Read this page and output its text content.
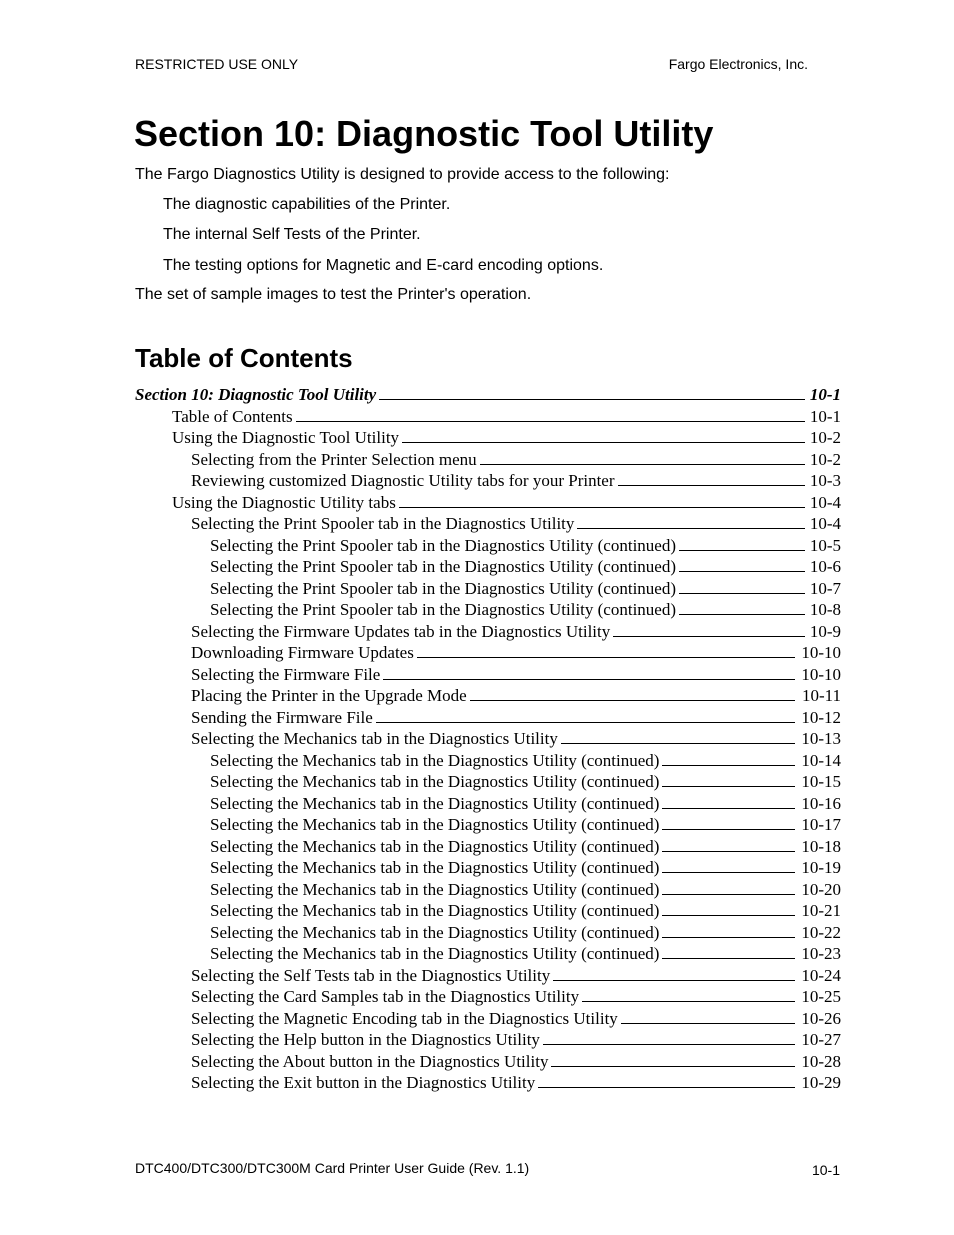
RESTRICTED USE ONLY	Fargo Electronics, Inc.
Section 10: Diagnostic Tool Utility
The Fargo Diagnostics Utility is designed to provide access to the following:
The diagnostic capabilities of the Printer.
The internal Self Tests of the Printer.
The testing options for Magnetic and E-card encoding options.
The set of sample images to test the Printer's operation.
Table of Contents
Section 10: Diagnostic Tool Utility	10-1
Table of Contents	10-1
Using the Diagnostic Tool Utility	10-2
Selecting from the Printer Selection menu	10-2
Reviewing customized Diagnostic Utility tabs for your Printer	10-3
Using the Diagnostic Utility tabs	10-4
Selecting the Print Spooler tab in the Diagnostics Utility	10-4
Selecting the Print Spooler tab in the Diagnostics Utility (continued)	10-5
Selecting the Print Spooler tab in the Diagnostics Utility (continued)	10-6
Selecting the Print Spooler tab in the Diagnostics Utility (continued)	10-7
Selecting the Print Spooler tab in the Diagnostics Utility (continued)	10-8
Selecting the Firmware Updates tab in the Diagnostics Utility	10-9
Downloading Firmware Updates	10-10
Selecting the Firmware File	10-10
Placing the Printer in the Upgrade Mode	10-11
Sending the Firmware File	10-12
Selecting the Mechanics tab in the Diagnostics Utility	10-13
Selecting the Mechanics tab in the Diagnostics Utility (continued)	10-14
Selecting the Mechanics tab in the Diagnostics Utility (continued)	10-15
Selecting the Mechanics tab in the Diagnostics Utility (continued)	10-16
Selecting the Mechanics tab in the Diagnostics Utility (continued)	10-17
Selecting the Mechanics tab in the Diagnostics Utility (continued)	10-18
Selecting the Mechanics tab in the Diagnostics Utility (continued)	10-19
Selecting the Mechanics tab in the Diagnostics Utility (continued)	10-20
Selecting the Mechanics tab in the Diagnostics Utility (continued)	10-21
Selecting the Mechanics tab in the Diagnostics Utility (continued)	10-22
Selecting the Mechanics tab in the Diagnostics Utility (continued)	10-23
Selecting the Self Tests tab in the Diagnostics Utility	10-24
Selecting the Card Samples tab in the Diagnostics Utility	10-25
Selecting the Magnetic Encoding tab in the Diagnostics Utility	10-26
Selecting the Help button in the Diagnostics Utility	10-27
Selecting the About button in the Diagnostics Utility	10-28
Selecting the Exit button in the Diagnostics Utility	10-29
DTC400/DTC300/DTC300M Card Printer User Guide (Rev. 1.1)	10-1
